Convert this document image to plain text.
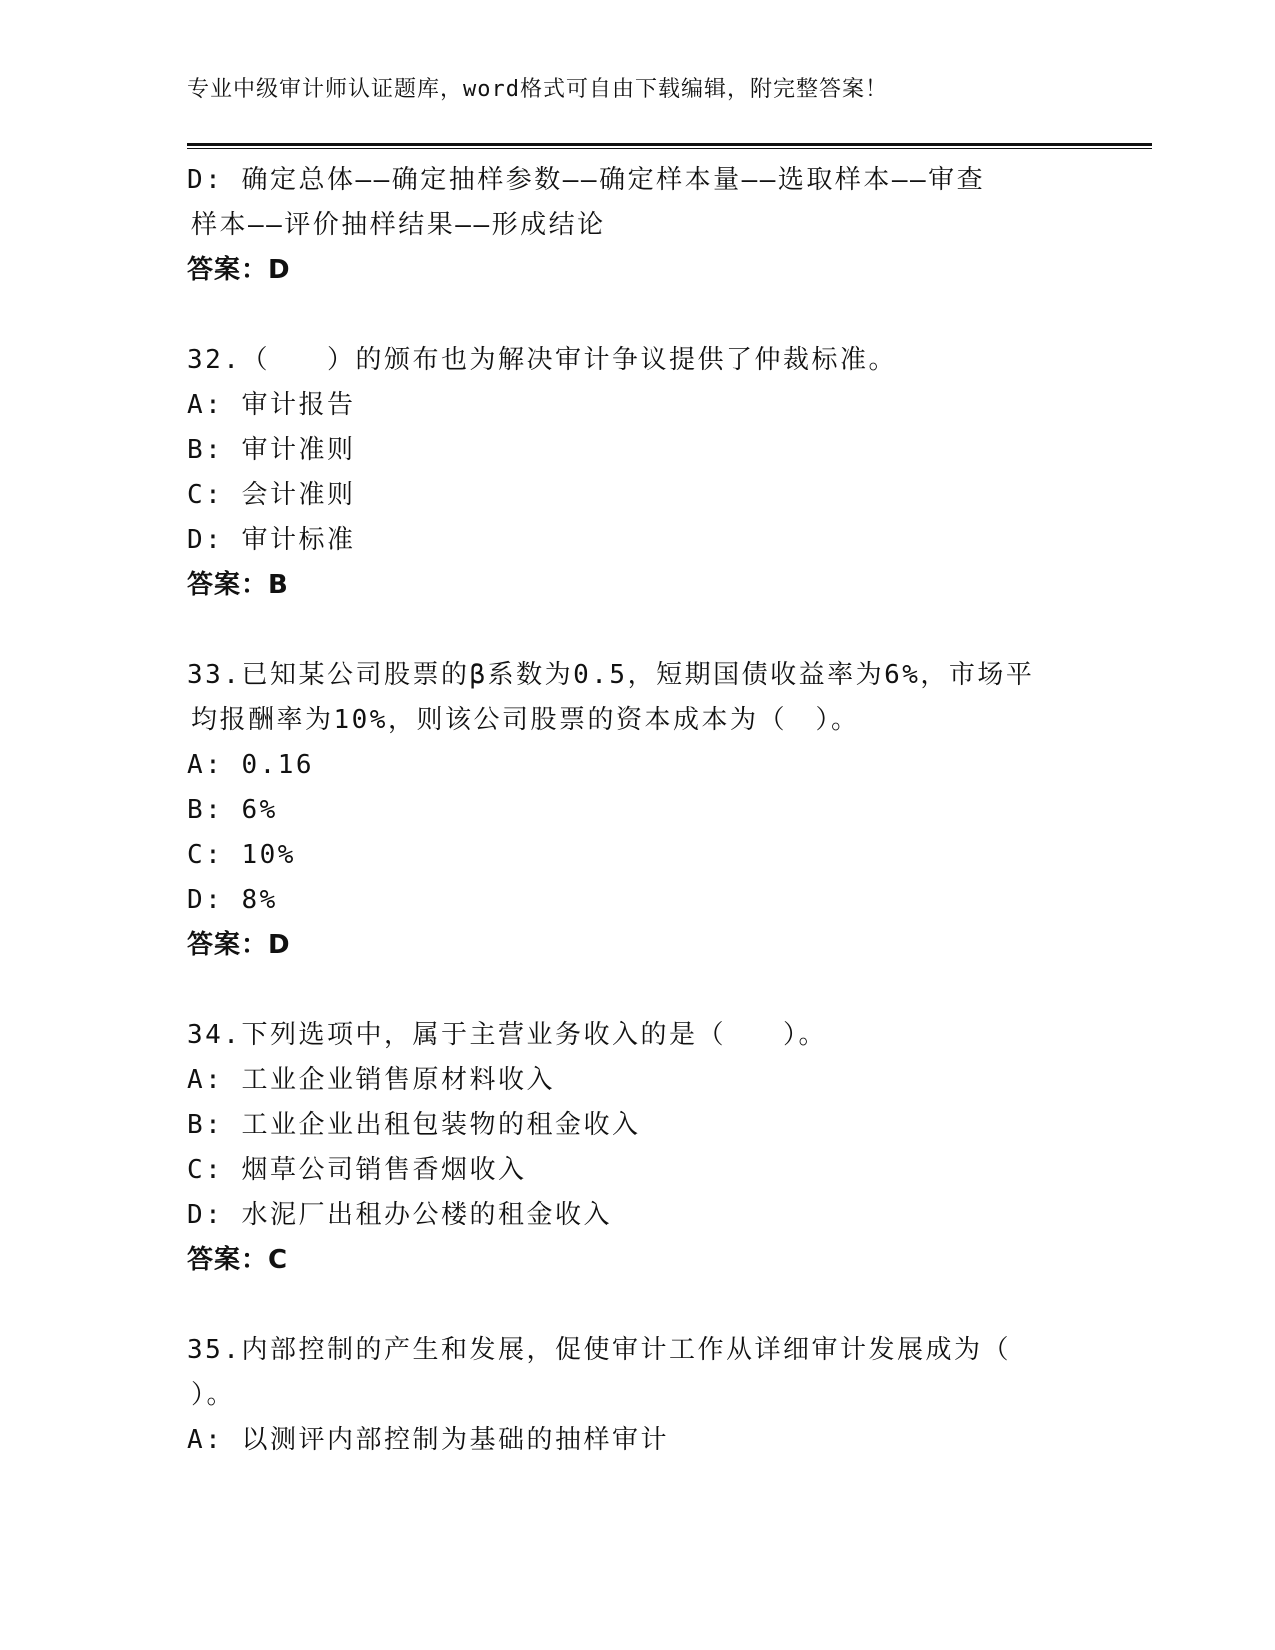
专业中级审计师认证题库，word格式可自由下载编辑，附完整答案！
D: 确定总体——确定抽样参数——确定样本量——选取样本——审查
样本——评价抽样结果——形成结论
答案：D
32.（　　）的颁布也为解决审计争议提供了仲裁标准。
A: 审计报告
B: 审计准则
C: 会计准则
D: 审计标准
答案：B
33.已知某公司股票的β系数为0.5，短期国债收益率为6%，市场平
均报酬率为10%，则该公司股票的资本成本为（　）。
A: 0.16
B: 6%
C: 10%
D: 8%
答案：D
34.下列选项中，属于主营业务收入的是（　　）。
A: 工业企业销售原材料收入
B: 工业企业出租包装物的租金收入
C: 烟草公司销售香烟收入
D: 水泥厂出租办公楼的租金收入
答案：C
35.内部控制的产生和发展，促使审计工作从详细审计发展成为（
）。
A: 以测评内部控制为基础的抽样审计
